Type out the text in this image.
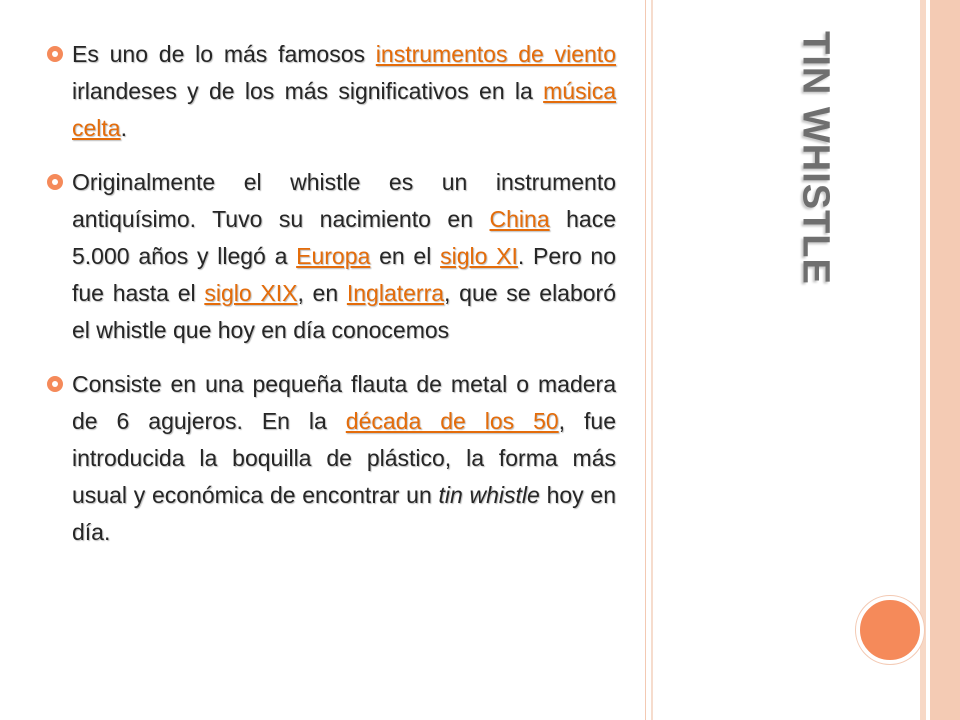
TIN WHISTLE
Es uno de lo más famosos instrumentos de viento irlandeses y de los más significativos en la música celta.
Originalmente el whistle es un instrumento antiquísimo. Tuvo su nacimiento en China hace 5.000 años y llegó a Europa en el siglo XI. Pero no fue hasta el siglo XIX, en Inglaterra, que se elaboró el whistle que hoy en día conocemos
Consiste en una pequeña flauta de metal o madera de 6 agujeros. En la década de los 50, fue introducida la boquilla de plástico, la forma más usual y económica de encontrar un tin whistle hoy en día.
